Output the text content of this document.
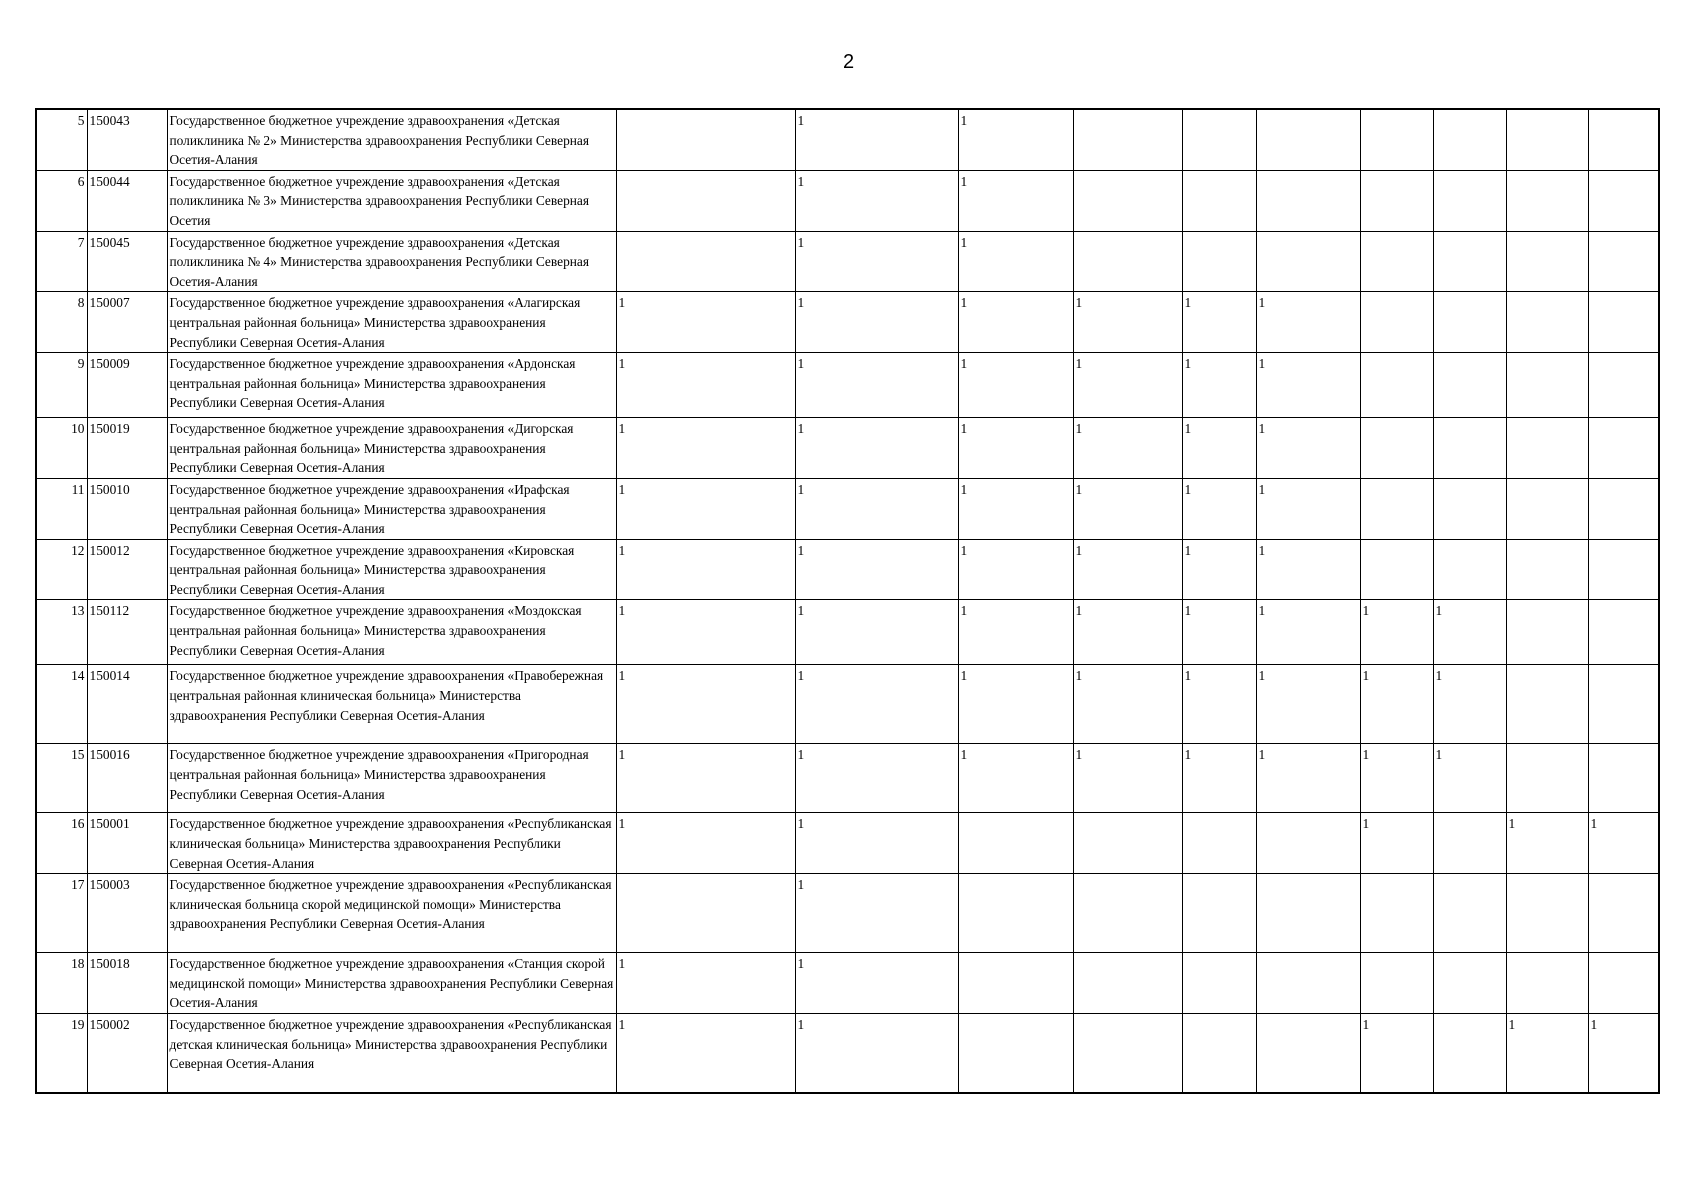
2
5	150043	Государственное бюджетное учреждение здравоохранения «Детская поликлиника № 2» Министерства здравоохранения Республики Северная Осетия-Алания		1	1							
6	150044	Государственное бюджетное учреждение здравоохранения «Детская поликлиника № 3» Министерства здравоохранения Республики Северная Осетия		1	1							
7	150045	Государственное бюджетное учреждение здравоохранения «Детская поликлиника № 4» Министерства здравоохранения Республики Северная Осетия-Алания		1	1							
8	150007	Государственное бюджетное учреждение здравоохранения «Алагирская центральная районная больница» Министерства здравоохранения Республики Северная Осетия-Алания	1	1	1	1	1	1				
9	150009	Государственное бюджетное учреждение здравоохранения «Ардонская центральная районная больница» Министерства здравоохранения Республики Северная Осетия-Алания	1	1	1	1	1	1				
10	150019	Государственное бюджетное учреждение здравоохранения «Дигорская центральная районная больница» Министерства здравоохранения Республики Северная Осетия-Алания	1	1	1	1	1	1				
11	150010	Государственное бюджетное учреждение здравоохранения «Ирафская центральная районная больница» Министерства здравоохранения Республики Северная Осетия-Алания	1	1	1	1	1	1				
12	150012	Государственное бюджетное учреждение здравоохранения «Кировская центральная районная больница» Министерства здравоохранения Республики Северная Осетия-Алания	1	1	1	1	1	1				
13	150112	Государственное бюджетное учреждение здравоохранения «Моздокская центральная районная больница» Министерства здравоохранения Республики Северная Осетия-Алания	1	1	1	1	1	1	1	1		
14	150014	Государственное бюджетное учреждение здравоохранения «Правобережная центральная районная клиническая больница» Министерства здравоохранения Республики Северная Осетия-Алания	1	1	1	1	1	1	1	1		
15	150016	Государственное бюджетное учреждение здравоохранения «Пригородная центральная районная больница» Министерства здравоохранения Республики Северная Осетия-Алания	1	1	1	1	1	1	1	1		
16	150001	Государственное бюджетное учреждение здравоохранения «Республиканская клиническая больница» Министерства здравоохранения Республики Северная Осетия-Алания	1	1					1		1	1
17	150003	Государственное бюджетное учреждение здравоохранения «Республиканская клиническая больница скорой медицинской помощи» Министерства здравоохранения Республики Северная Осетия-Алания		1								
18	150018	Государственное бюджетное учреждение здравоохранения «Станция скорой медицинской помощи» Министерства здравоохранения Республики Северная Осетия-Алания	1	1								
19	150002	Государственное бюджетное учреждение здравоохранения «Республиканская детская клиническая больница» Министерства здравоохранения Республики Северная Осетия-Алания	1	1					1		1	1
